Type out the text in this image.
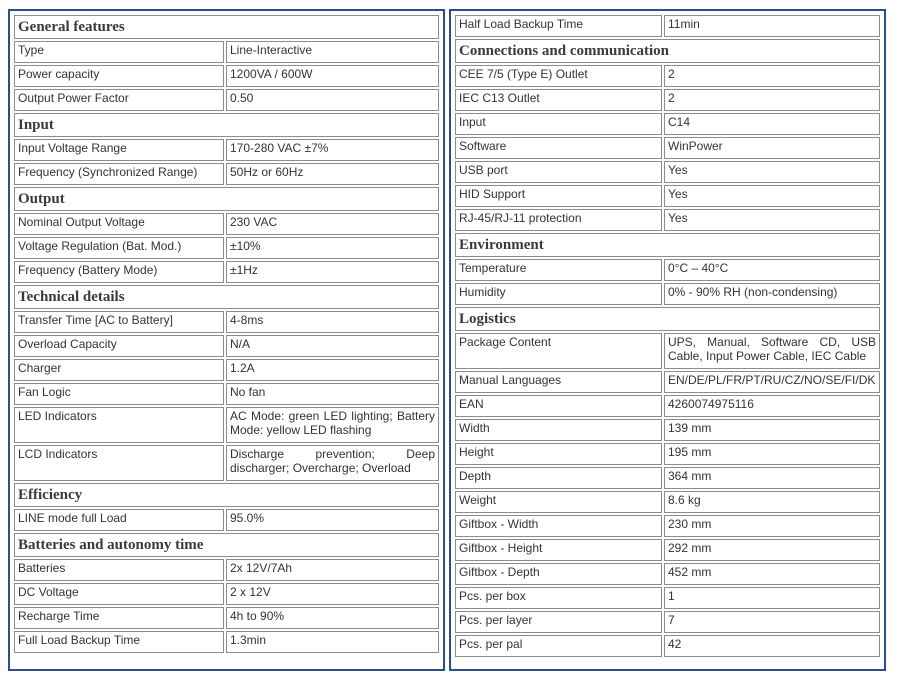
General features	
Type	Line-Interactive
Power capacity	1200VA / 600W
Output Power Factor	0.50
Input	
Input Voltage Range	170-280 VAC ±7%
Frequency (Synchronized Range)	50Hz or 60Hz
Output	
Nominal Output Voltage	230 VAC
Voltage Regulation (Bat. Mod.)	±10%
Frequency (Battery Mode)	±1Hz
Technical details	
Transfer Time [AC to Battery]	4-8ms
Overload Capacity	N/A
Charger	1.2A
Fan Logic	No fan
LED Indicators	AC Mode: green LED lighting; Battery Mode: yellow LED flashing
LCD Indicators	Discharge prevention; Deep discharger; Overcharge; Overload
Efficiency	
LINE mode full Load	95.0%
Batteries and autonomy time	
Batteries	2x 12V/7Ah
DC Voltage	2 x 12V
Recharge Time	4h to 90%
Full Load Backup Time	1.3min
Half Load Backup Time	11min
Connections and communication	
CEE 7/5 (Type E) Outlet	2
IEC C13 Outlet	2
Input	C14
Software	WinPower
USB port	Yes
HID Support	Yes
RJ-45/RJ-11 protection	Yes
Environment	
Temperature	0°C – 40°C
Humidity	0% - 90% RH (non-condensing)
Logistics	
Package Content	UPS, Manual, Software CD, USB Cable, Input Power Cable, IEC Cable
Manual Languages	EN/DE/PL/FR/PT/RU/CZ/NO/SE/FI/DK
EAN	4260074975116
Width	139 mm
Height	195 mm
Depth	364 mm
Weight	8.6 kg
Giftbox - Width	230 mm
Giftbox - Height	292 mm
Giftbox - Depth	452 mm
Pcs. per box	1
Pcs. per layer	7
Pcs. per pal	42
